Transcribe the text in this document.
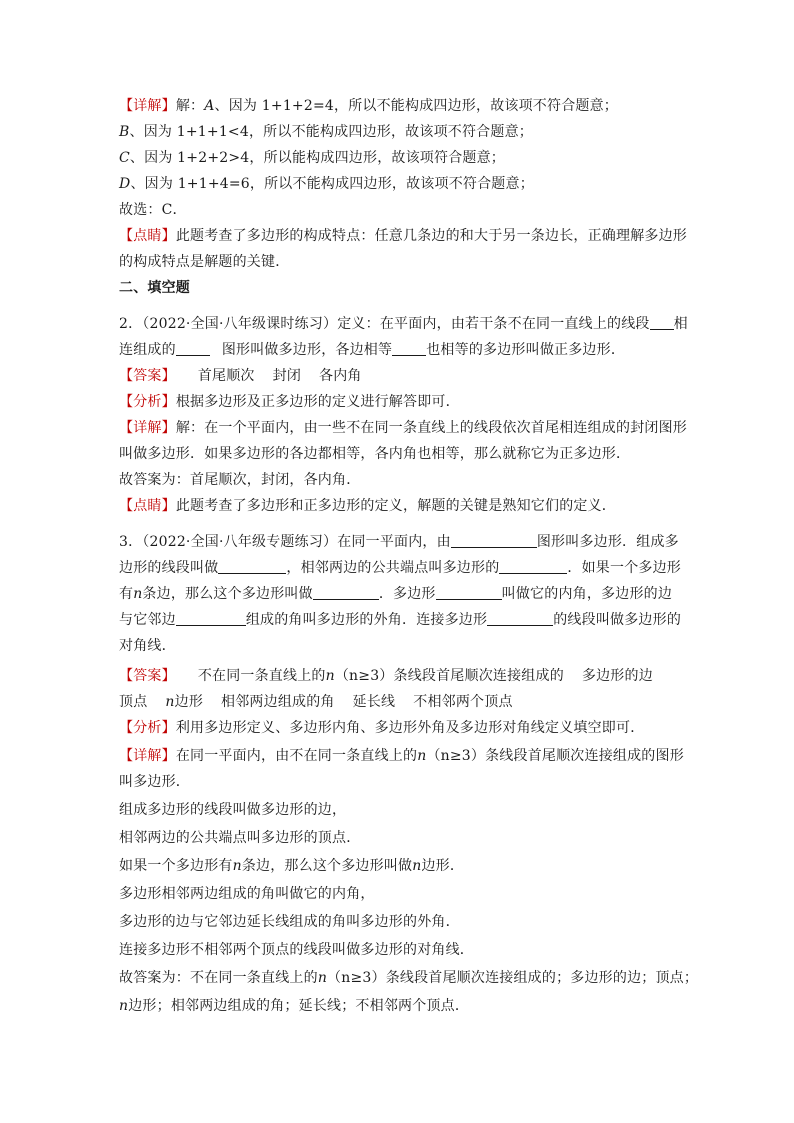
【详解】解：A、因为 1+1+2=4，所以不能构成四边形，故该项不符合题意；
B、因为 1+1+1<4，所以不能构成四边形，故该项不符合题意；
C、因为 1+2+2>4，所以能构成四边形，故该项符合题意；
D、因为 1+1+4=6，所以不能构成四边形，故该项不符合题意；
故选：C．
【点睛】此题考查了多边形的构成特点：任意几条边的和大于另一条边长，正确理解多边形
的构成特点是解题的关键．
二、填空题
2．（2022·全国·八年级课时练习）定义：在平面内，由若干条不在同一直线上的线段 相
连组成的	图形叫做多边形，各边相等 也相等的多边形叫做正多边形．
【答案】 首尾顺次 封闭 各内角
【分析】根据多边形及正多边形的定义进行解答即可．
【详解】解：在一个平面内，由一些不在同一条直线上的线段依次首尾相连组成的封闭图形
叫做多边形．如果多边形的各边都相等，各内角也相等，那么就称它为正多边形．
故答案为：首尾顺次，封闭，各内角．
【点睛】此题考查了多边形和正多边形的定义，解题的关键是熟知它们的定义．
3．（2022·全国·八年级专题练习）在同一平面内，由	图形叫多边形．组成多
边形的线段叫做	，相邻两边的公共端点叫多边形的	．如果一个多边形
有n条边，那么这个多边形叫做	．多边形	叫做它的内角，多边形的边
与它邻边	组成的角叫多边形的外角．连接多边形	的线段叫做多边形的
对角线．
【答案】 不在同一条直线上的n（n≥3）条线段首尾顺次连接组成的 多边形的边
顶点 n边形 相邻两边组成的角 延长线 不相邻两个顶点
【分析】利用多边形定义、多边形内角、多边形外角及多边形对角线定义填空即可．
【详解】在同一平面内，由不在同一条直线上的n（n≥3）条线段首尾顺次连接组成的图形
叫多边形．
组成多边形的线段叫做多边形的边，
相邻两边的公共端点叫多边形的顶点．
如果一个多边形有n条边，那么这个多边形叫做n边形．
多边形相邻两边组成的角叫做它的内角，
多边形的边与它邻边延长线组成的角叫多边形的外角．
连接多边形不相邻两个顶点的线段叫做多边形的对角线．
故答案为：不在同一条直线上的n（n≥3）条线段首尾顺次连接组成的；多边形的边；顶点；
n边形；相邻两边组成的角；延长线；不相邻两个顶点．
